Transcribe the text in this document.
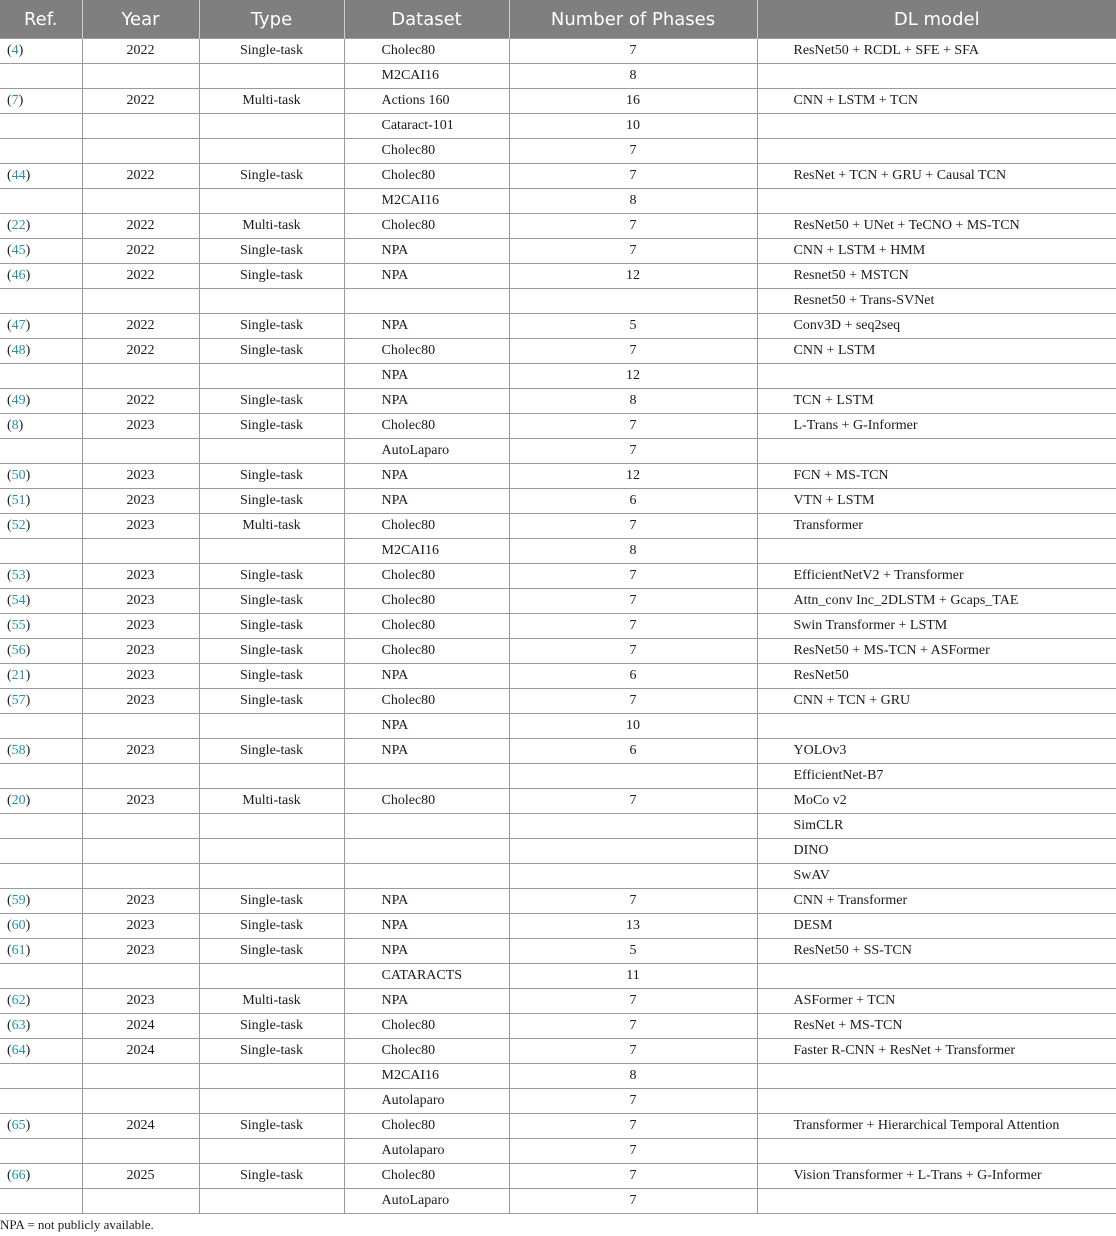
Ref.	Year	Type	Dataset	Number of Phases	DL model
(4)	2022	Single-task	Cholec80	7	ResNet50 + RCDL + SFE + SFA
			M2CAI16	8	
(7)	2022	Multi-task	Actions 160	16	CNN + LSTM + TCN
			Cataract-101	10	
			Cholec80	7	
(44)	2022	Single-task	Cholec80	7	ResNet + TCN + GRU + Causal TCN
			M2CAI16	8	
(22)	2022	Multi-task	Cholec80	7	ResNet50 + UNet + TeCNO + MS-TCN
(45)	2022	Single-task	NPA	7	CNN + LSTM + HMM
(46)	2022	Single-task	NPA	12	Resnet50 + MSTCN
					Resnet50 + Trans-SVNet
(47)	2022	Single-task	NPA	5	Conv3D + seq2seq
(48)	2022	Single-task	Cholec80	7	CNN + LSTM
			NPA	12	
(49)	2022	Single-task	NPA	8	TCN + LSTM
(8)	2023	Single-task	Cholec80	7	L-Trans + G-Informer
			AutoLaparo	7	
(50)	2023	Single-task	NPA	12	FCN + MS-TCN
(51)	2023	Single-task	NPA	6	VTN + LSTM
(52)	2023	Multi-task	Cholec80	7	Transformer
			M2CAI16	8	
(53)	2023	Single-task	Cholec80	7	EfficientNetV2 + Transformer
(54)	2023	Single-task	Cholec80	7	Attn_conv Inc_2DLSTM + Gcaps_TAE
(55)	2023	Single-task	Cholec80	7	Swin Transformer + LSTM
(56)	2023	Single-task	Cholec80	7	ResNet50 + MS-TCN + ASFormer
(21)	2023	Single-task	NPA	6	ResNet50
(57)	2023	Single-task	Cholec80	7	CNN + TCN + GRU
			NPA	10	
(58)	2023	Single-task	NPA	6	YOLOv3
					EfficientNet-B7
(20)	2023	Multi-task	Cholec80	7	MoCo v2
					SimCLR
					DINO
					SwAV
(59)	2023	Single-task	NPA	7	CNN + Transformer
(60)	2023	Single-task	NPA	13	DESM
(61)	2023	Single-task	NPA	5	ResNet50 + SS-TCN
			CATARACTS	11	
(62)	2023	Multi-task	NPA	7	ASFormer + TCN
(63)	2024	Single-task	Cholec80	7	ResNet + MS-TCN
(64)	2024	Single-task	Cholec80	7	Faster R-CNN + ResNet + Transformer
			M2CAI16	8	
			Autolaparo	7	
(65)	2024	Single-task	Cholec80	7	Transformer + Hierarchical Temporal Attention
			Autolaparo	7	
(66)	2025	Single-task	Cholec80	7	Vision Transformer + L-Trans + G-Informer
			AutoLaparo	7	

NPA = not publicly available.
